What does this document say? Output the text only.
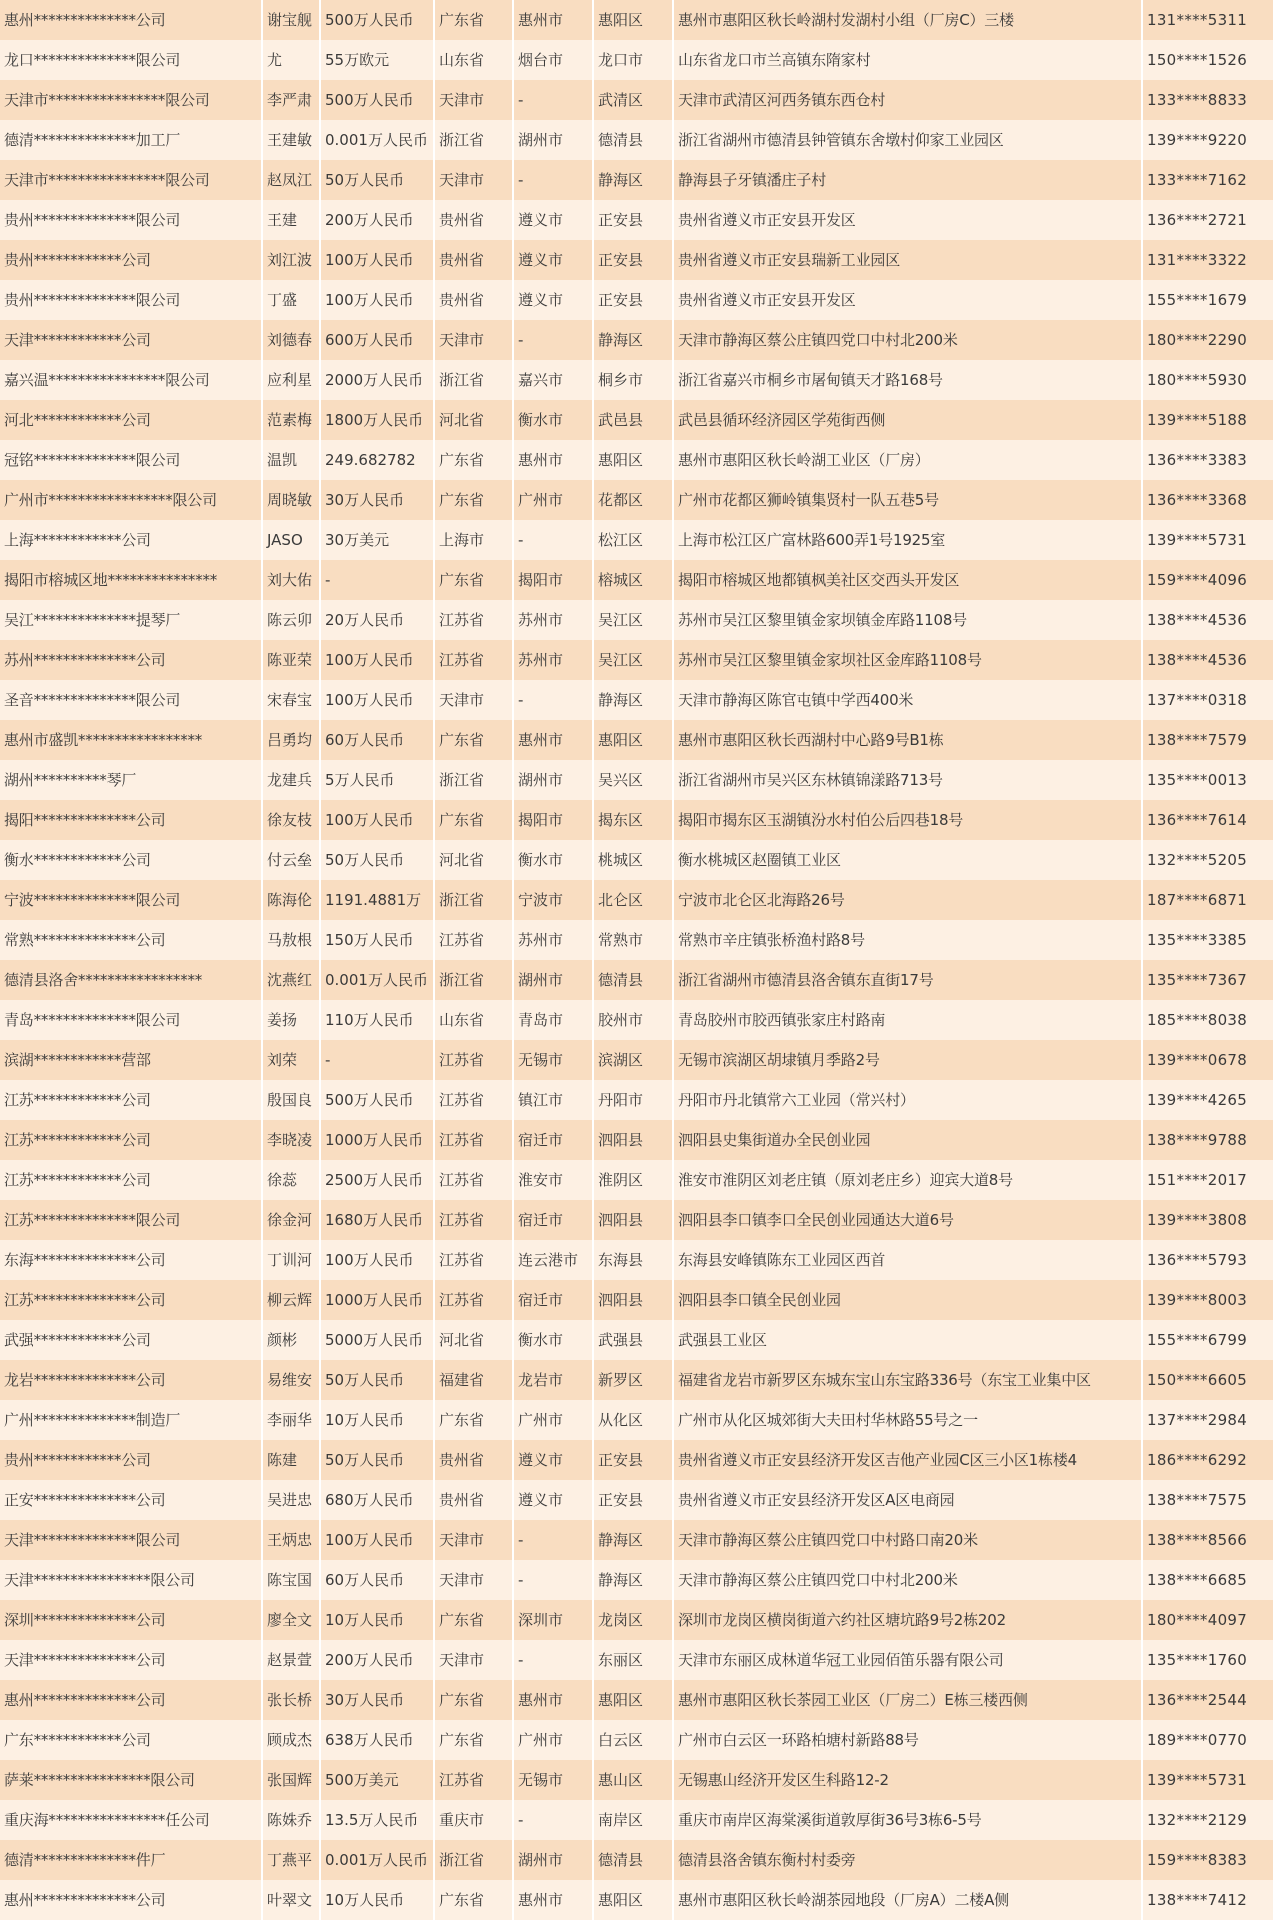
惠州**************公司	谢宝舰	500万人民币	广东省	惠州市	惠阳区	惠州市惠阳区秋长岭湖村发湖村小组（厂房C）三楼	131****5311
龙口**************限公司	尤	55万欧元	山东省	烟台市	龙口市	山东省龙口市兰高镇东隋家村	150****1526
天津市****************限公司	李严肃	500万人民币	天津市	-	武清区	天津市武清区河西务镇东西仓村	133****8833
德清**************加工厂	王建敏	0.001万人民币	浙江省	湖州市	德清县	浙江省湖州市德清县钟管镇东舍墩村仰家工业园区	139****9220
天津市****************限公司	赵凤江	50万人民币	天津市	-	静海区	静海县子牙镇潘庄子村	133****7162
贵州**************限公司	王建	200万人民币	贵州省	遵义市	正安县	贵州省遵义市正安县开发区	136****2721
贵州************公司	刘江波	100万人民币	贵州省	遵义市	正安县	贵州省遵义市正安县瑞新工业园区	131****3322
贵州**************限公司	丁盛	100万人民币	贵州省	遵义市	正安县	贵州省遵义市正安县开发区	155****1679
天津************公司	刘德春	600万人民币	天津市	-	静海区	天津市静海区蔡公庄镇四党口中村北200米	180****2290
嘉兴温****************限公司	应利星	2000万人民币	浙江省	嘉兴市	桐乡市	浙江省嘉兴市桐乡市屠甸镇天才路168号	180****5930
河北************公司	范素梅	1800万人民币	河北省	衡水市	武邑县	武邑县循环经济园区学苑街西侧	139****5188
冠铭**************限公司	温凯	249.682782	广东省	惠州市	惠阳区	惠州市惠阳区秋长岭湖工业区（厂房）	136****3383
广州市*****************限公司	周晓敏	30万人民币	广东省	广州市	花都区	广州市花都区狮岭镇集贤村一队五巷5号	136****3368
上海************公司	JASO	30万美元	上海市	-	松江区	上海市松江区广富林路600弄1号1925室	139****5731
揭阳市榕城区地***************	刘大佑	-	广东省	揭阳市	榕城区	揭阳市榕城区地都镇枫美社区交西头开发区	159****4096
吴江**************提琴厂	陈云卯	20万人民币	江苏省	苏州市	吴江区	苏州市吴江区黎里镇金家坝镇金库路1108号	138****4536
苏州**************公司	陈亚荣	100万人民币	江苏省	苏州市	吴江区	苏州市吴江区黎里镇金家坝社区金库路1108号	138****4536
圣音**************限公司	宋春宝	100万人民币	天津市	-	静海区	天津市静海区陈官屯镇中学西400米	137****0318
惠州市盛凯*****************	吕勇均	60万人民币	广东省	惠州市	惠阳区	惠州市惠阳区秋长西湖村中心路9号B1栋	138****7579
湖州**********琴厂	龙建兵	5万人民币	浙江省	湖州市	吴兴区	浙江省湖州市吴兴区东林镇锦漾路713号	135****0013
揭阳**************公司	徐友枝	100万人民币	广东省	揭阳市	揭东区	揭阳市揭东区玉湖镇汾水村伯公后四巷18号	136****7614
衡水************公司	付云垒	50万人民币	河北省	衡水市	桃城区	衡水桃城区赵圈镇工业区	132****5205
宁波**************限公司	陈海伦	1191.4881万	浙江省	宁波市	北仑区	宁波市北仑区北海路26号	187****6871
常熟**************公司	马敖根	150万人民币	江苏省	苏州市	常熟市	常熟市辛庄镇张桥渔村路8号	135****3385
德清县洛舍*****************	沈燕红	0.001万人民币	浙江省	湖州市	德清县	浙江省湖州市德清县洛舍镇东直街17号	135****7367
青岛**************限公司	姜扬	110万人民币	山东省	青岛市	胶州市	青岛胶州市胶西镇张家庄村路南	185****8038
滨湖************营部	刘荣	-	江苏省	无锡市	滨湖区	无锡市滨湖区胡埭镇月季路2号	139****0678
江苏************公司	殷国良	500万人民币	江苏省	镇江市	丹阳市	丹阳市丹北镇常六工业园（常兴村）	139****4265
江苏************公司	李晓凌	1000万人民币	江苏省	宿迁市	泗阳县	泗阳县史集街道办全民创业园	138****9788
江苏************公司	徐蕊	2500万人民币	江苏省	淮安市	淮阴区	淮安市淮阴区刘老庄镇（原刘老庄乡）迎宾大道8号	151****2017
江苏**************限公司	徐金河	1680万人民币	江苏省	宿迁市	泗阳县	泗阳县李口镇李口全民创业园通达大道6号	139****3808
东海**************公司	丁训河	100万人民币	江苏省	连云港市	东海县	东海县安峰镇陈东工业园区西首	136****5793
江苏**************公司	柳云辉	1000万人民币	江苏省	宿迁市	泗阳县	泗阳县李口镇全民创业园	139****8003
武强************公司	颜彬	5000万人民币	河北省	衡水市	武强县	武强县工业区	155****6799
龙岩**************公司	易维安	50万人民币	福建省	龙岩市	新罗区	福建省龙岩市新罗区东城东宝山东宝路336号（东宝工业集中区	150****6605
广州**************制造厂	李丽华	10万人民币	广东省	广州市	从化区	广州市从化区城郊街大夫田村华林路55号之一	137****2984
贵州************公司	陈建	50万人民币	贵州省	遵义市	正安县	贵州省遵义市正安县经济开发区吉他产业园C区三小区1栋楼4	186****6292
正安**************公司	吴进忠	680万人民币	贵州省	遵义市	正安县	贵州省遵义市正安县经济开发区A区电商园	138****7575
天津**************限公司	王炳忠	100万人民币	天津市	-	静海区	天津市静海区蔡公庄镇四党口中村路口南20米	138****8566
天津****************限公司	陈宝国	60万人民币	天津市	-	静海区	天津市静海区蔡公庄镇四党口中村北200米	138****6685
深圳**************公司	廖全文	10万人民币	广东省	深圳市	龙岗区	深圳市龙岗区横岗街道六约社区塘坑路9号2栋202	180****4097
天津**************公司	赵景萱	200万人民币	天津市	-	东丽区	天津市东丽区成林道华冠工业园佰笛乐器有限公司	135****1760
惠州**************公司	张长桥	30万人民币	广东省	惠州市	惠阳区	惠州市惠阳区秋长茶园工业区（厂房二）E栋三楼西侧	136****2544
广东************公司	顾成杰	638万人民币	广东省	广州市	白云区	广州市白云区一环路柏塘村新路88号	189****0770
萨莱****************限公司	张国辉	500万美元	江苏省	无锡市	惠山区	无锡惠山经济开发区生科路12-2	139****5731
重庆海****************任公司	陈姝乔	13.5万人民币	重庆市	-	南岸区	重庆市南岸区海棠溪街道敦厚街36号3栋6-5号	132****2129
德清**************件厂	丁燕平	0.001万人民币	浙江省	湖州市	德清县	德清县洛舍镇东衡村村委旁	159****8383
惠州**************公司	叶翠文	10万人民币	广东省	惠州市	惠阳区	惠州市惠阳区秋长岭湖茶园地段（厂房A）二楼A侧	138****7412
